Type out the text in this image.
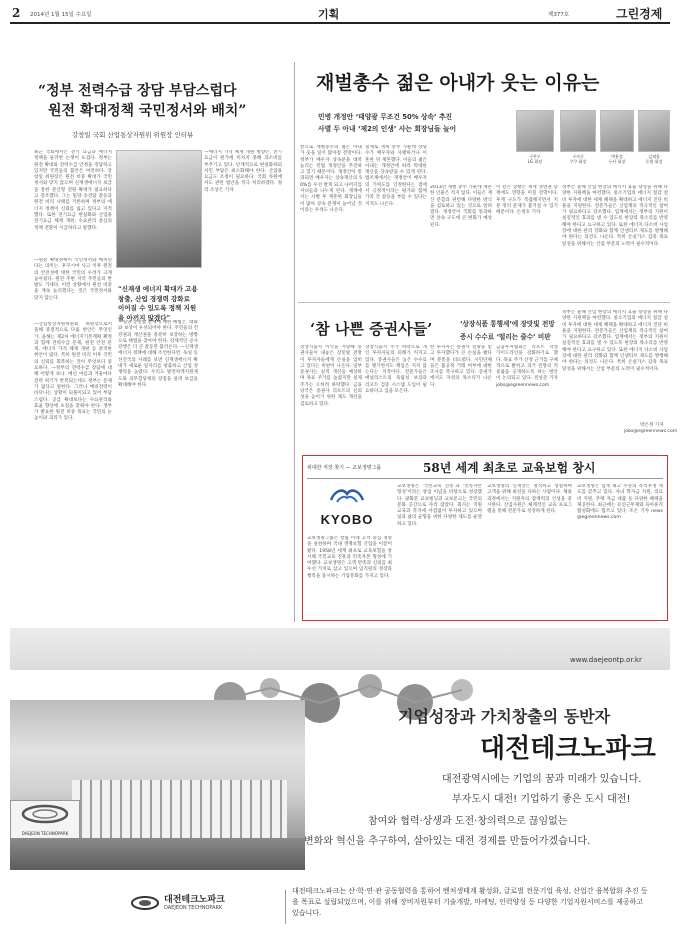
2 2014년 1월 15일 수요일	기획	제377호	그린경제
“정부 전력수급 장담 부담스럽다
원전 확대정책 국민정서와 배치”
강창일 국회 산업통상자원위 위원장 인터뷰
최근 국회에서는 전기 요금과 에너지 정책을 둘러싼 논쟁이 뜨겁다. 정부는 원전 확대와 전력수급 안정을 장담하고 있지만 국민들의 불안은 여전하다. 강창일 위원장은 원전 비중 확대가 국민정서와 맞지 않으며 신재생에너지 보급을 통한 분산형 전원 확대가 필요하다고 강조했다. 그는 밀양 송전탑 갈등과 원전 비리 사태를 거론하며 정부의 에너지 정책이 신뢰를 잃고 있다고 지적했다. 또한 전기요금 현실화와 산업용 전기요금 체계 개편, 수요관리 중심의 정책 전환이 시급하다고 말했다.
—원전 확대정책이 국민정서와 배치된다는 의미는. 후쿠시마 사고 이후 원전의 안전성에 대한 국민의 우려가 크게 높아졌다. 원전 주변 지역 주민들의 반발도 거세다. 이런 상황에서 원전 비중을 계속 늘리겠다는 것은 국민정서와 맞지 않는다.
—산업통상자원위원회 위원장으로서 올해 중점적으로 다룰 현안은 무엇인가. 올해는 제2차 에너지기본계획 확정과 함께 전력수급 문제, 원전 안전 문제, 에너지 가격 체계 개편 등 굵직한 현안이 많다. 특히 원전 비리 이후 국민의 신뢰를 회복하는 것이 무엇보다 중요하다. —정부의 전력수급 장담에 대해 어떻게 보나. 매년 여름과 겨울마다 전력 위기가 반복되는데도 정부는 문제가 없다고 말한다. 그러나 예비전력이 바닥나는 상황이 되풀이되고 있어 부담스럽다. 공급 확대보다는 수요관리와 효율 향상에 초점을 맞춰야 한다. 정부가 발표한 원전 비중 목표는 국민의 눈높이와 괴리가 있다.
“신재생 에너지 확대가 고용 창출, 산업 경쟁력 강화로 이어질 수 있도록 정책 지원을 아끼지 않겠다”
—밀양 송전탑 문제에 대한 해법은. 대화와 보상이 우선되어야 한다. 주민들의 건강권과 재산권을 충분히 보장하는 방향으로 해법을 찾아야 한다. 강제적인 공사 강행은 더 큰 갈등만 불러온다. —신재생에너지 정책에 대해 조언한다면. 독일 등 선진국의 사례를 보면 신재생에너지 확대가 새로운 일자리를 창출하고 산업 경쟁력을 높였다. 우리도 발전차액지원제도와 의무할당제의 장점을 살려 보급을 확대해야 한다.
—에너지 가격 체계 개편 방향은. 전기요금이 원가에 미치지 못해 과소비를 부추기고 있다. 단계적으로 현실화하되 서민 부담은 최소화해야 한다. 산업용 요금도 조정이 필요하다. 국회 차원에서도 관련 법안을 적극 처리하겠다. 정리 조상은 기자
재벌총수 젊은 아내가 웃는 이유는
민병 개정안 ‘태양광 무조건 50% 상속’ 추진
사별 두 아내 ‘제2의 인생’ 사는 회장님들 늘어
앞으로 재벌총수의 젊은 아내가 웃을 일이 많아질 전망이다. 정부가 배우자 상속분을 대폭 늘리는 민법 개정안을 추진하고 있기 때문이다. 개정안이 통과되면 배우자는 상속재산의 50%를 우선 받게 되고 나머지를 자녀들과 나누게 된다. 재계에서는 사별 후 재혼한 회장님들이 많아 상속 분쟁이 늘어날 것이라는 우려도 나온다.
실제로 재계 총수 가운데 상당수가 배우자와 사별하거나 이혼한 뒤 재혼했다. 이들의 젊은 아내는 개정안에 따라 막대한 재산을 상속받을 수 있게 된다. 법조계에서는 개정안이 배우자의 기여도를 인정한다는 점에서 긍정적이라는 평가와 함께 가족 간 갈등을 부를 수 있다는 지적도 나온다.
2013년 재벌 총수 가운데 재혼한 인물은 적지 않다. 이들은 재산 분할과 관련해 다양한 방식을 검토하고 있는 것으로 알려졌다. 개정안이 국회를 통과하면 상속 구도에 큰 변화가 예상된다.
이 같은 상황은 재계 경영권 승계에도 영향을 미칠 전망이다. 후계 구도가 복잡해지면서 지분 정리 문제가 불거질 수 있기 때문이다. 손정호 기자
정부는 올해 산업 현장의 에너지 효율 향상을 위해 다양한 지원책을 마련했다. 중소기업의 에너지 절감 설비 투자에 대한 세제 혜택을 확대하고 에너지 진단 비용을 지원한다. 전문가들은 산업계의 적극적인 참여가 필요하다고 강조했다. 업계에서는 정부의 지원이 실질적인 효과를 낼 수 있도록 현장의 목소리를 반영해야 한다고 요구하고 있다. 또한 에너지 다소비 사업장에 대한 관리 강화와 함께 인센티브 제도를 병행해야 한다는 의견도 나온다. 특히 온실가스 감축 목표 달성을 위해서는 산업 부문의 노력이 필수적이다.
구본무
LG 회장
구자신
쿠쿠 회장
박용성
두산 회장
김재철
동원 회장
‘참 나쁜 증권사들’	‘상장식품 통행세’에 장맛빛 전망
증시 수수료 ‘떨리는 즐수’ 비판
상장식품사 이익을 겨냥해 증권사들이 내놓은 장밋빛 전망이 투자자들에게 손실을 입히고 있다는 비판이 나온다. 일부 증권사는 실적 개선을 예상하며 목표 주가를 높였지만 실제 주가는 오히려 하락했다. 금융당국은 증권사 리포트의 신뢰성을 높이기 위한 제도 개선을 검토하고 있다.
상장식품사 주가 하락으로 개인 투자자들의 피해가 커지고 있다. 증권사들은 높은 수수료를 챙기면서도 책임은 지지 않는다는 지적이다. 전문가들은 애널리스트의 독립성 보장과 리포트 검증 시스템 도입이 필요하다고 입을 모은다.
한 투자자는 증권사 전망을 믿고 투자했다가 큰 손실을 봤다며 분통을 터뜨렸다. 시민단체들은 불공정 거래 여부에 대한 조사를 촉구하고 있다. 증권가에서도 자성의 목소리가 나온다.
금융투자협회는 리포트 작성 가이드라인을 강화하기로 했다. 목표 주가 산정 근거를 구체적으로 밝히고 과거 전망의 적중률을 공개하도록 하는 방안이 논의되고 있다. 전성준 기자 jobs@egreennews.com
정부는 올해 산업 현장의 에너지 효율 향상을 위해 다양한 지원책을 마련했다. 중소기업의 에너지 절감 설비 투자에 대한 세제 혜택을 확대하고 에너지 진단 비용을 지원한다. 전문가들은 산업계의 적극적인 참여가 필요하다고 강조했다. 업계에서는 정부의 지원이 실질적인 효과를 낼 수 있도록 현장의 목소리를 반영해야 한다고 요구하고 있다. 또한 에너지 다소비 사업장에 대한 관리 강화와 함께 인센티브 제도를 병행해야 한다는 의견도 나온다. 특히 온실가스 감축 목표 달성을 위해서는 산업 부문의 노력이 필수적이다.
박은정 기자
jobs@egreennews.com
위대한 직장 찾기 — 교보생명그룹	58년 세계 최초로 교육보험 창시
KYOBO
교보생명그룹은 창립 이래 고객 중심 경영을 실천하며 국내 생명보험 산업을 이끌어 왔다. 1958년 세계 최초로 교육보험을 창시해 국민교육 진흥과 민족자본 형성에 기여했다. 교보생명은 고객 만족과 신뢰를 최우선 가치로 삼고 있으며 임직원의 성장과 행복을 중시하는 기업문화를 가지고 있다.
교보생명은 ‘국민교육 진흥’과 ‘민족자본 형성’이라는 창업 이념을 바탕으로 성장했다. 광화문 교보빌딩과 교보문고는 국민의 문화 공간으로 자리 잡았다. 회사는 직원 교육과 복지에 아낌없이 투자하고 있으며 일과 삶의 균형을 위한 다양한 제도를 운영하고 있다.
교보생명의 인재상은 정직하고 성실하며 고객을 위해 최선을 다하는 사람이다. 채용 과정에서는 지원자의 잠재력과 인성을 중시한다. 신입사원은 체계적인 교육 프로그램을 통해 전문가로 성장하게 된다.
교보생명은 업계 최고 수준의 복리후생 제도를 갖추고 있다. 자녀 학자금 지원, 의료비 지원, 주택 자금 대출 등 다양한 혜택을 제공한다. 최근에는 유연근무제와 육아휴직 활성화에도 힘쓰고 있다. 조은 기자 news@egreennews.com
www.daejeontp.or.kr
기업성장과 가치창출의 동반자
대전테크노파크
DAEJEON TECHNOPARK
대전광역시에는 기업의 꿈과 미래가 있습니다.
부자도시 대전! 기업하기 좋은 도시 대전!
참여와 협력·상생과 도전·창의력으로 끊임없는
변화와 혁신을 추구하여, 살아있는 대전 경제를 만들어가겠습니다.
대전테크노파크
DAEJEON TECHNOPARK
대전테크노파크는 산·학·연·관 공동협력을 통하여 벤처생태계 활성화, 글로벌 전문기업 육성, 산업간 융복합화 추진 등을 목표로 설립되었으며, 이를 위해 장비지원부터 기술개발, 마케팅, 인력양성 등 다양한 기업지원서비스를 제공하고 있습니다.
